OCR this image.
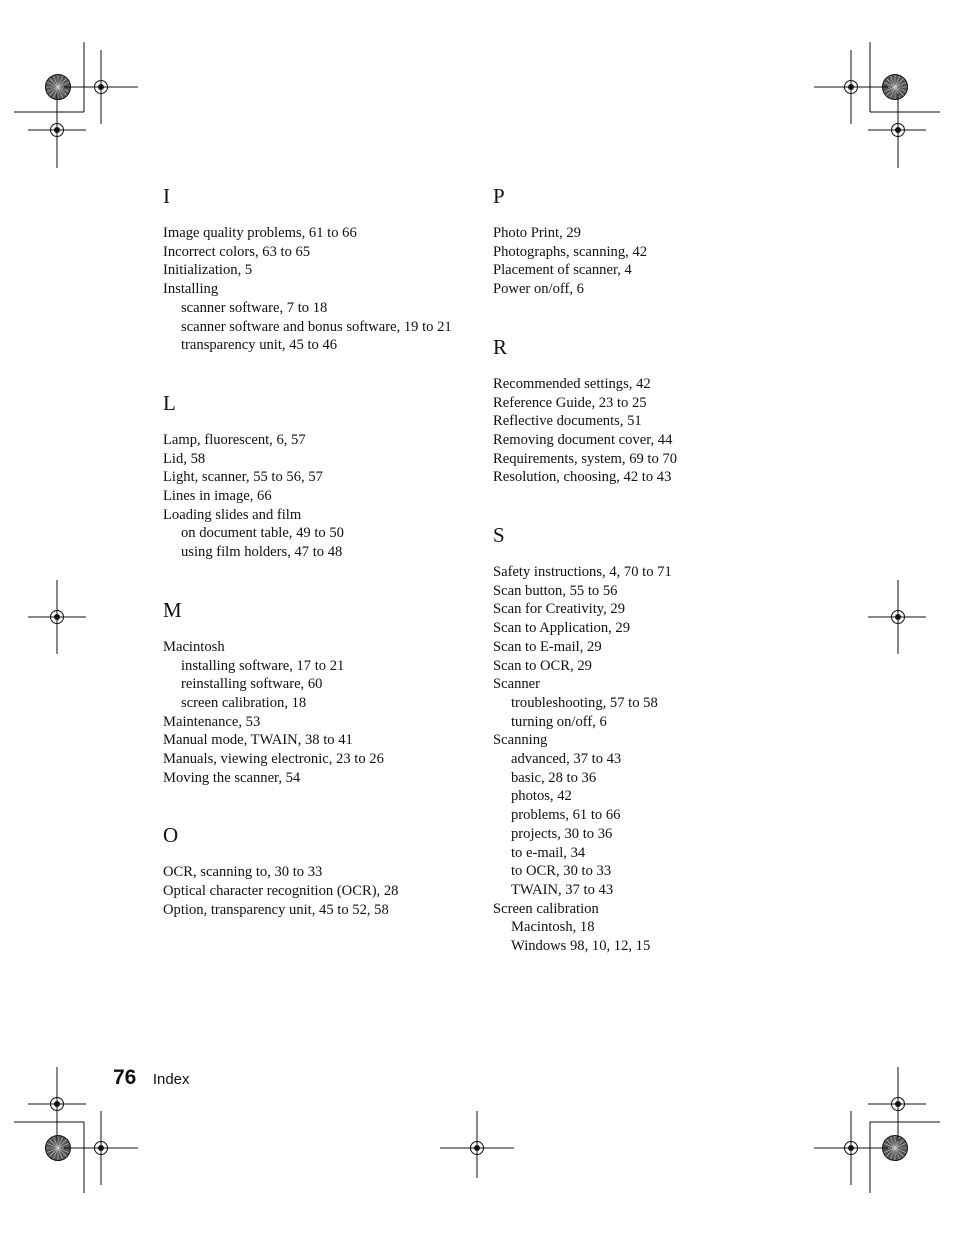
I
Image quality problems, 61 to 66
Incorrect colors, 63 to 65
Initialization, 5
Installing
scanner software, 7 to 18
scanner software and bonus software, 19 to 21
transparency unit, 45 to 46
L
Lamp, fluorescent, 6, 57
Lid, 58
Light, scanner, 55 to 56, 57
Lines in image, 66
Loading slides and film
on document table, 49 to 50
using film holders, 47 to 48
M
Macintosh
installing software, 17 to 21
reinstalling software, 60
screen calibration, 18
Maintenance, 53
Manual mode, TWAIN, 38 to 41
Manuals, viewing electronic, 23 to 26
Moving the scanner, 54
O
OCR, scanning to, 30 to 33
Optical character recognition (OCR), 28
Option, transparency unit, 45 to 52, 58
P
Photo Print, 29
Photographs, scanning, 42
Placement of scanner, 4
Power on/off, 6
R
Recommended settings, 42
Reference Guide, 23 to 25
Reflective documents, 51
Removing document cover, 44
Requirements, system, 69 to 70
Resolution, choosing, 42 to 43
S
Safety instructions, 4, 70 to 71
Scan button, 55 to 56
Scan for Creativity, 29
Scan to Application, 29
Scan to E-mail, 29
Scan to OCR, 29
Scanner
troubleshooting, 57 to 58
turning on/off, 6
Scanning
advanced, 37 to 43
basic, 28 to 36
photos, 42
problems, 61 to 66
projects, 30 to 36
to e-mail, 34
to OCR, 30 to 33
TWAIN, 37 to 43
Screen calibration
Macintosh, 18
Windows 98, 10, 12, 15
76 Index
